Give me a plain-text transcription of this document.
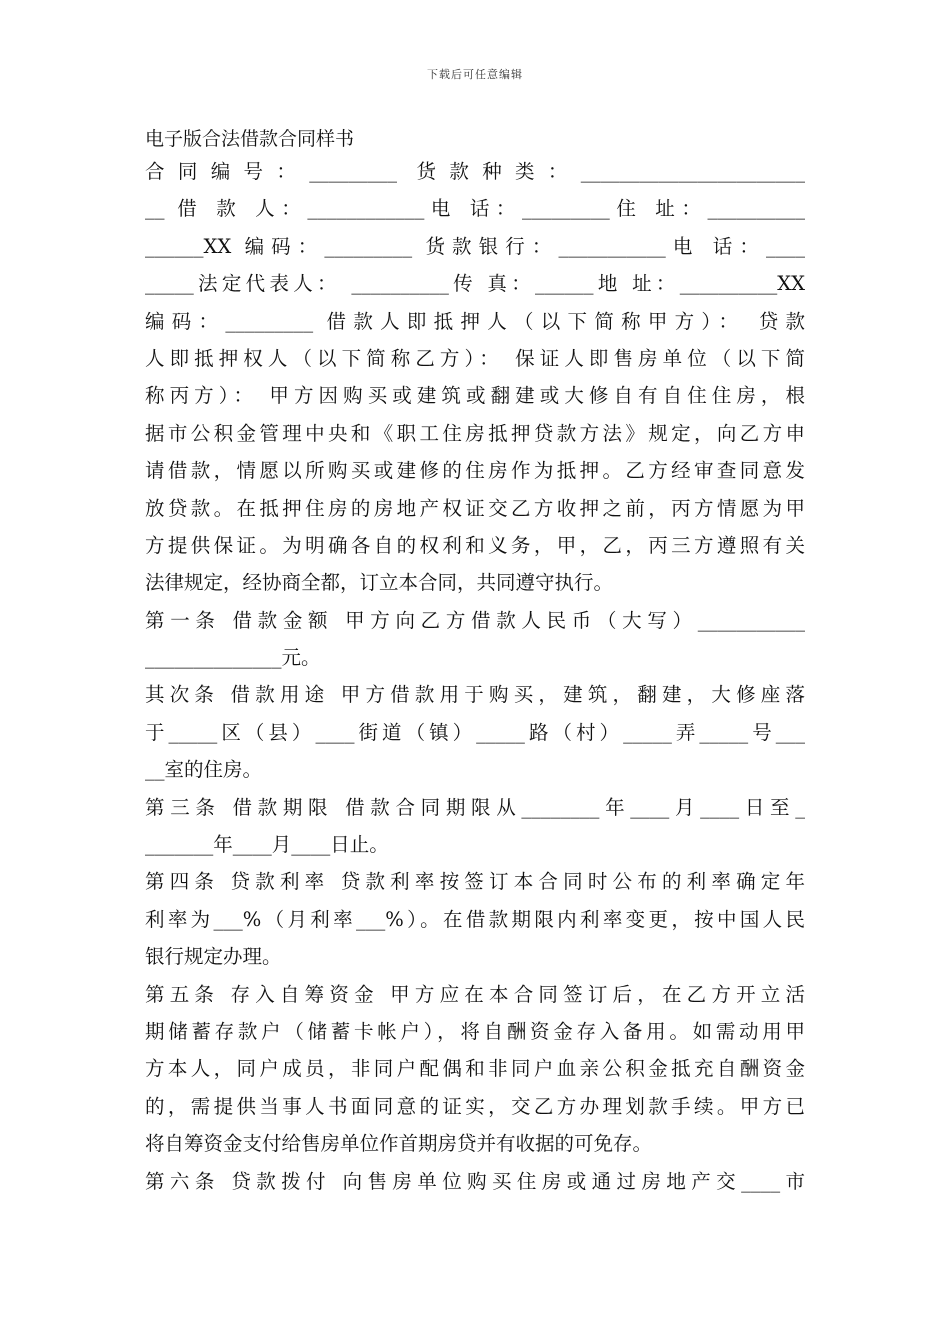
下载后可任意编辑
电子版合法借款合同样书
合同编号：_________ 货款种类：_______________________
__ 借 款 人：____________电 话：_________住 址：__________
______XX 编码：_________ 货款银行：___________电 话：____
_____法定代表人： __________传 真：______地 址：__________XX
编码：_________ 借款人即抵押人（以下简称甲方）： 贷款
人即抵押权人（以下简称乙方）： 保证人即售房单位（以下简
称丙方）： 甲方因购买或建筑或翻建或大修自有自住住房，根
据市公积金管理中央和《职工住房抵押贷款方法》规定，向乙方申
请借款，情愿以所购买或建修的住房作为抵押。乙方经审查同意发
放贷款。在抵押住房的房地产权证交乙方收押之前，丙方情愿为甲
方提供保证。为明确各自的权利和义务，甲，乙，丙三方遵照有关
法律规定，经协商全都，订立本合同，共同遵守执行。
第一条 借款金额 甲方向乙方借款人民币（大写）___________
______________元。
其次条 借款用途 甲方借款用于购买，建筑，翻建，大修座落
于_____区（县）____街道（镇）_____路（村）_____弄_____号___
__室的住房。
第三条 借款期限 借款合同期限从________年____月____日至_
_______年____月____日止。
第四条 贷款利率 贷款利率按签订本合同时公布的利率确定年
利率为___%（月利率___%）。在借款期限内利率变更，按中国人民
银行规定办理。
第五条 存入自筹资金 甲方应在本合同签订后，在乙方开立活
期储蓄存款户（储蓄卡帐户），将自酬资金存入备用。如需动用甲
方本人，同户成员，非同户配偶和非同户血亲公积金抵充自酬资金
的，需提供当事人书面同意的证实，交乙方办理划款手续。甲方已
将自筹资金支付给售房单位作首期房贷并有收据的可免存。
第六条 贷款拨付 向售房单位购买住房或通过房地产交____市
